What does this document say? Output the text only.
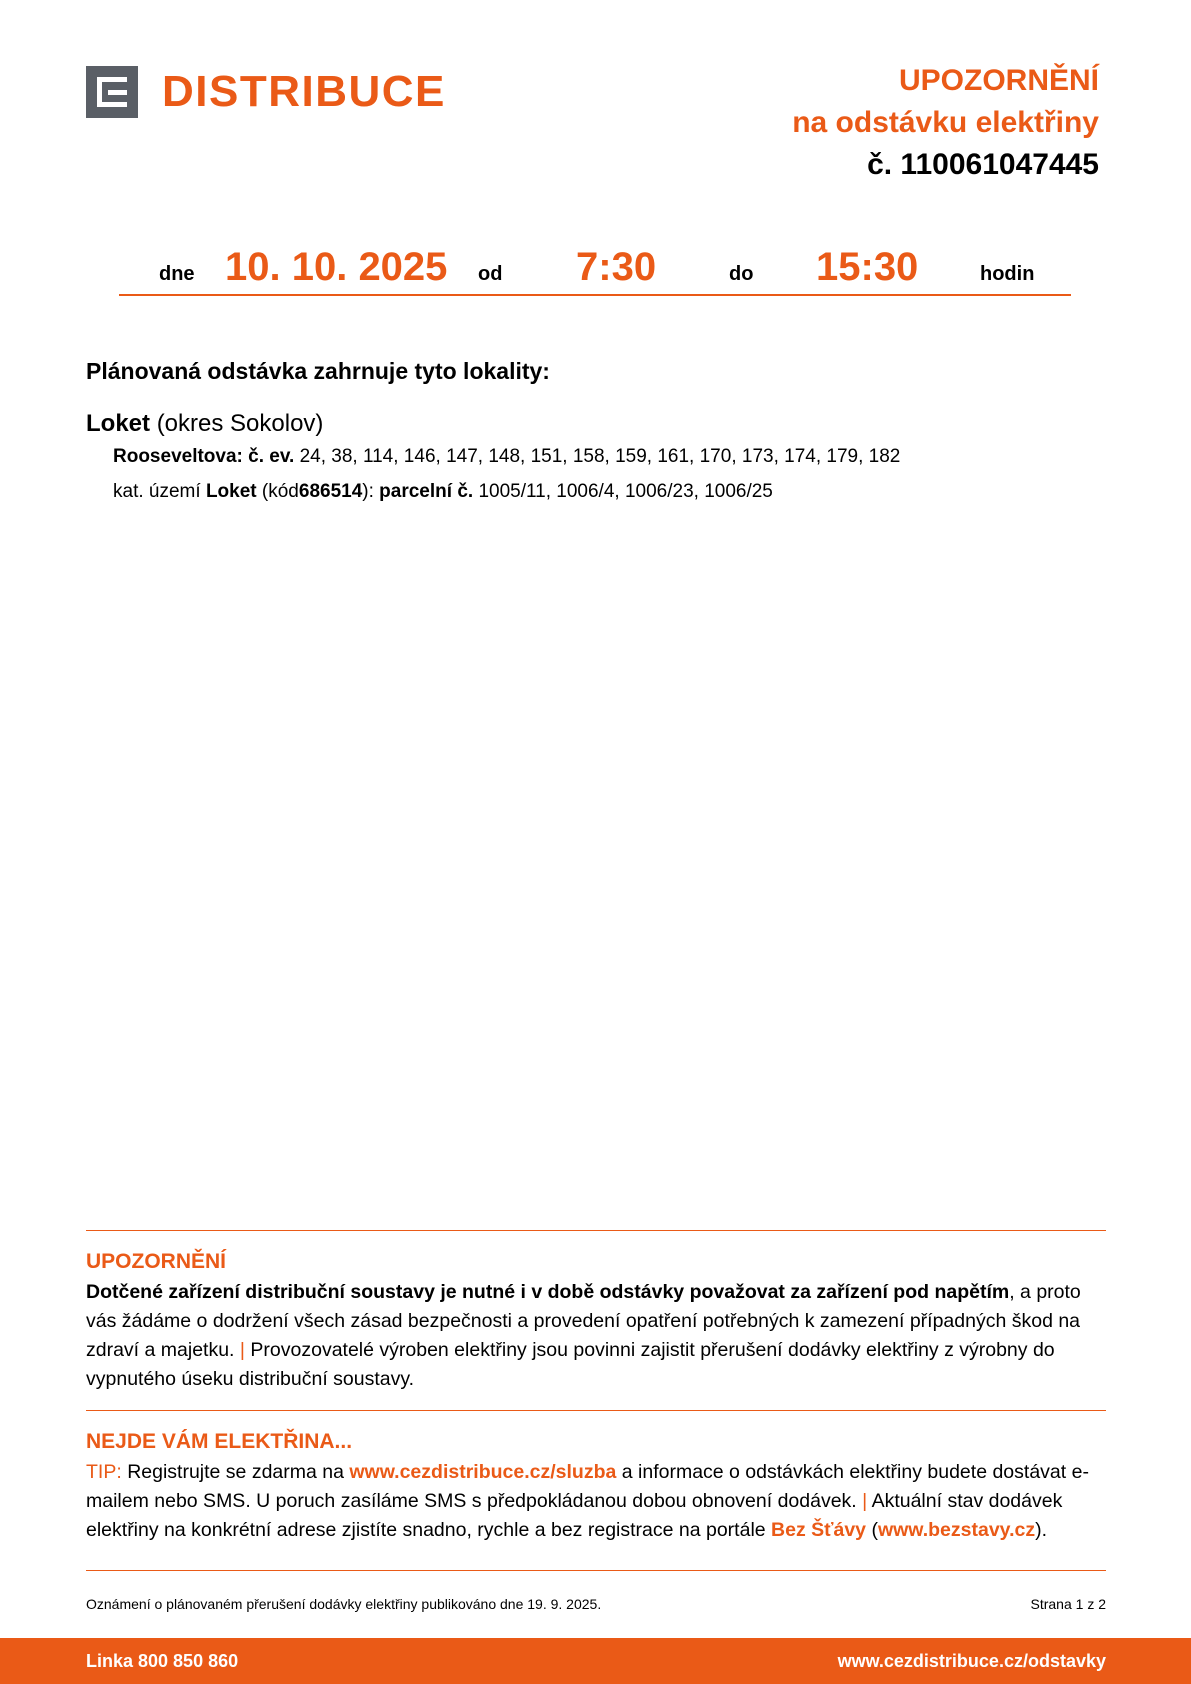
DISTRIBUCE	UPOZORNĚNÍ
na odstávku elektřiny
č. 110061047445
dne 10. 10. 2025 od 7:30	do 15:30	hodin
Plánovaná odstávka zahrnuje tyto lokality:
Loket (okres Sokolov)
Rooseveltova: č. ev. 24, 38, 114, 146, 147, 148, 151, 158, 159, 161, 170, 173, 174, 179, 182
kat. území Loket (kód686514): parcelní č. 1005/11, 1006/4, 1006/23, 1006/25
UPOZORNĚNÍ
Dotčené zařízení distribuční soustavy je nutné i v době odstávky považovat za zařízení pod napětím, a proto vás žádáme o dodržení všech zásad bezpečnosti a provedení opatření potřebných k zamezení případných škod na zdraví a majetku. | Provozovatelé výroben elektřiny jsou povinni zajistit přerušení dodávky elektřiny z výrobny do vypnutého úseku distribuční soustavy.
NEJDE VÁM ELEKTŘINA...
TIP: Registrujte se zdarma na www.cezdistribuce.cz/sluzba a informace o odstávkách elektřiny budete dostávat e-mailem nebo SMS. U poruch zasíláme SMS s předpokládanou dobou obnovení dodávek. | Aktuální stav dodávek elektřiny na konkrétní adrese zjistíte snadno, rychle a bez registrace na portále Bez Šťávy (www.bezstavy.cz).
Oznámení o plánovaném přerušení dodávky elektřiny publikováno dne 19. 9. 2025.	Strana 1 z 2
Linka 800 850 860	www.cezdistribuce.cz/odstavky
